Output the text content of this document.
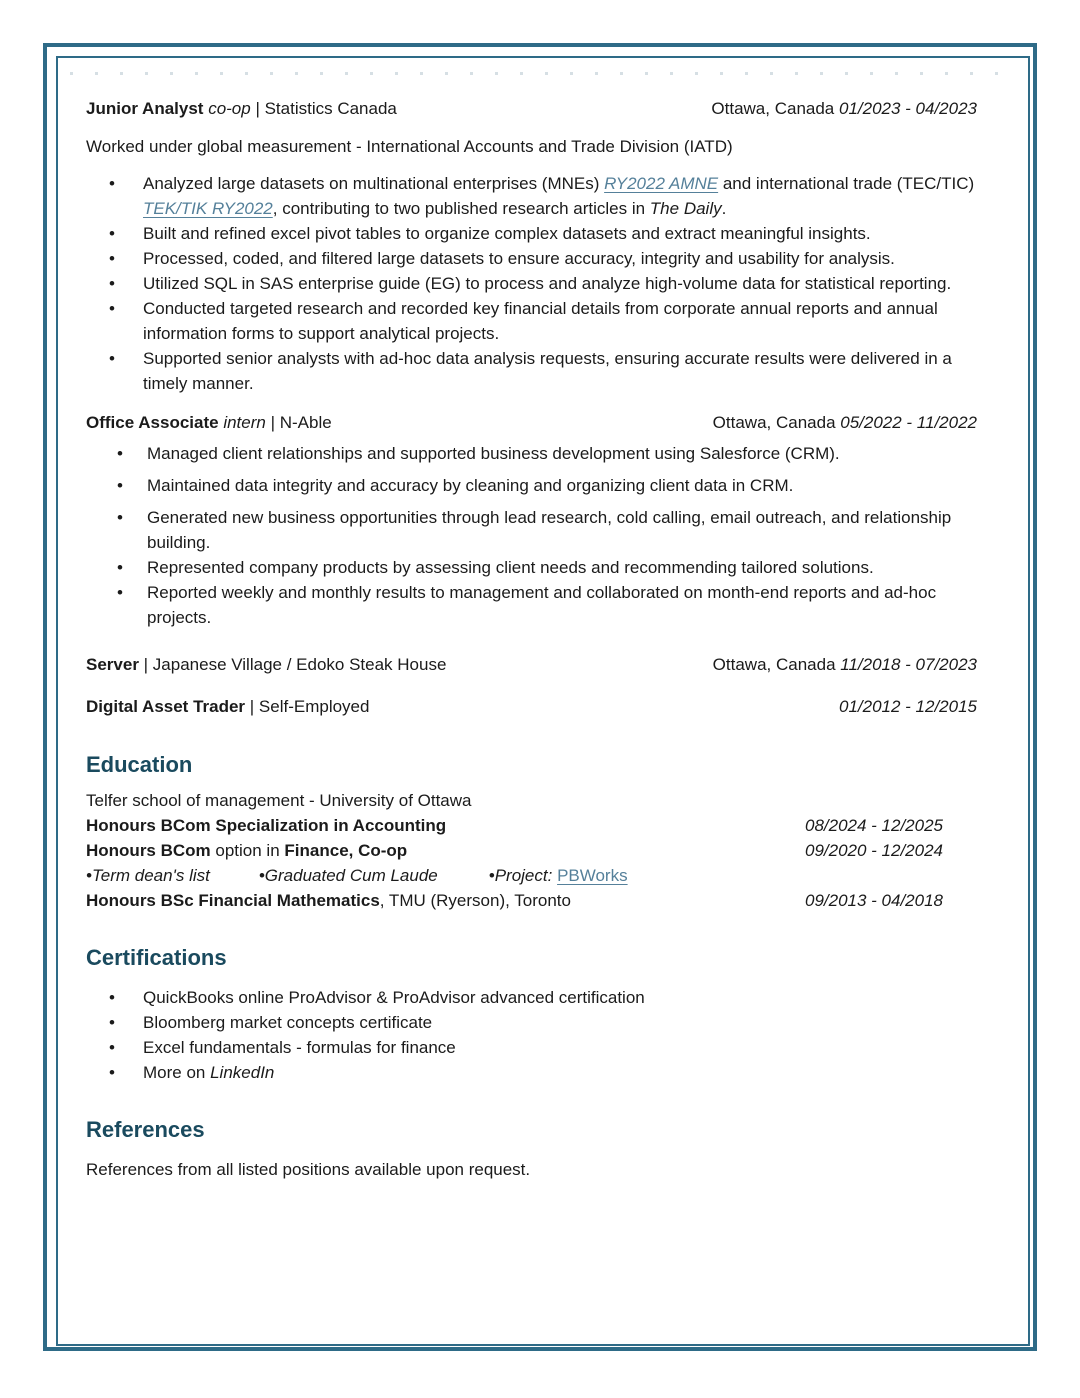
Junior Analyst co-op | Statistics Canada	Ottawa, Canada 01/2023 - 04/2023

Worked under global measurement - International Accounts and Trade Division (IATD)

• Analyzed large datasets on multinational enterprises (MNEs) RY2022 AMNE and international trade (TEC/TIC) TEK/TIK RY2022, contributing to two published research articles in The Daily.
• Built and refined excel pivot tables to organize complex datasets and extract meaningful insights.
• Processed, coded, and filtered large datasets to ensure accuracy, integrity and usability for analysis.
• Utilized SQL in SAS enterprise guide (EG) to process and analyze high-volume data for statistical reporting.
• Conducted targeted research and recorded key financial details from corporate annual reports and annual information forms to support analytical projects.
• Supported senior analysts with ad-hoc data analysis requests, ensuring accurate results were delivered in a timely manner.
Office Associate intern | N-Able	Ottawa, Canada 05/2022 - 11/2022
• Managed client relationships and supported business development using Salesforce (CRM).
• Maintained data integrity and accuracy by cleaning and organizing client data in CRM.
• Generated new business opportunities through lead research, cold calling, email outreach, and relationship building.
• Represented company products by assessing client needs and recommending tailored solutions.
• Reported weekly and monthly results to management and collaborated on month-end reports and ad-hoc projects.
Server | Japanese Village / Edoko Steak House	Ottawa, Canada 11/2018 - 07/2023
Digital Asset Trader | Self-Employed	01/2012 - 12/2015
Education

Telfer school of management - University of Ottawa

Honours BCom Specialization in Accounting	08/2024 - 12/2025
Honours BCom option in Finance, Co-op	09/2020 - 12/2024
•Term dean's list	•Graduated Cum Laude	•Project: PBWorks
Honours BSc Financial Mathematics, TMU (Ryerson), Toronto	09/2013 - 04/2018
Certifications
• QuickBooks online ProAdvisor & ProAdvisor advanced certification
• Bloomberg market concepts certificate
• Excel fundamentals - formulas for finance
• More on LinkedIn
References

References from all listed positions available upon request.
